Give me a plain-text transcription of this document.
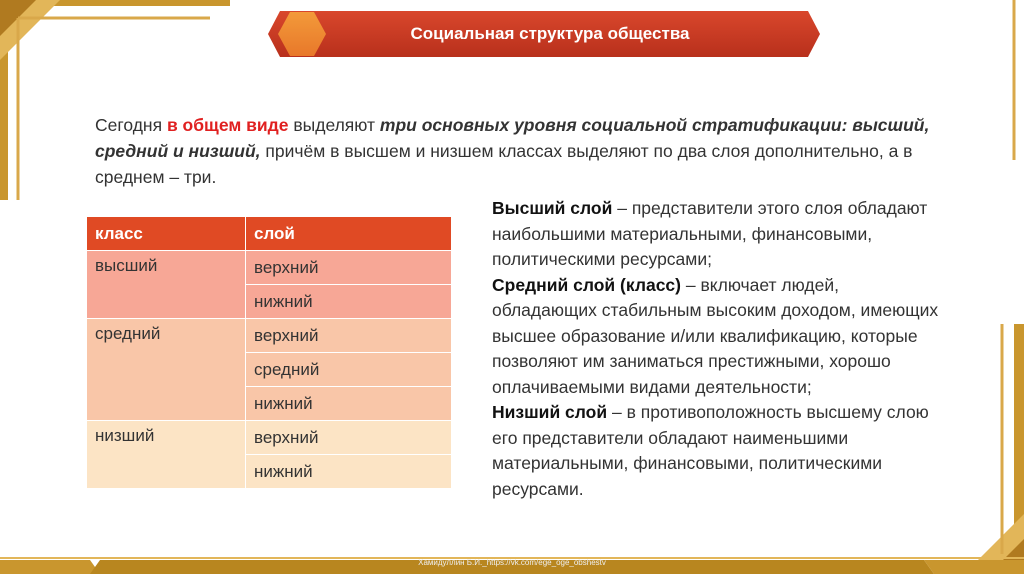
Социальная структура общества
Сегодня в общем виде выделяют три основных уровня социальной стратификации: высший, средний и низший, причём в высшем и низшем классах выделяют по два слоя дополнительно, а в среднем – три.
класс	слой
высший	верхний
	нижний
средний	верхний
	средний
	нижний
низший	верхний
	нижний
Высший слой – представители этого слоя обладают наибольшими материальными, финансовыми, политическими ресурсами;
Средний слой (класс) – включает людей, обладающих стабильным высоким доходом, имеющих высшее образование и/или квалификацию, которые позволяют им заниматься престижными, хорошо оплачиваемыми видами деятельности;
Низший слой – в противоположность высшему слою его представители обладают наименьшими материальными, финансовыми, политическими ресурсами.
Хамидуллин Б.И._https://vk.com/ege_oge_obshestv
